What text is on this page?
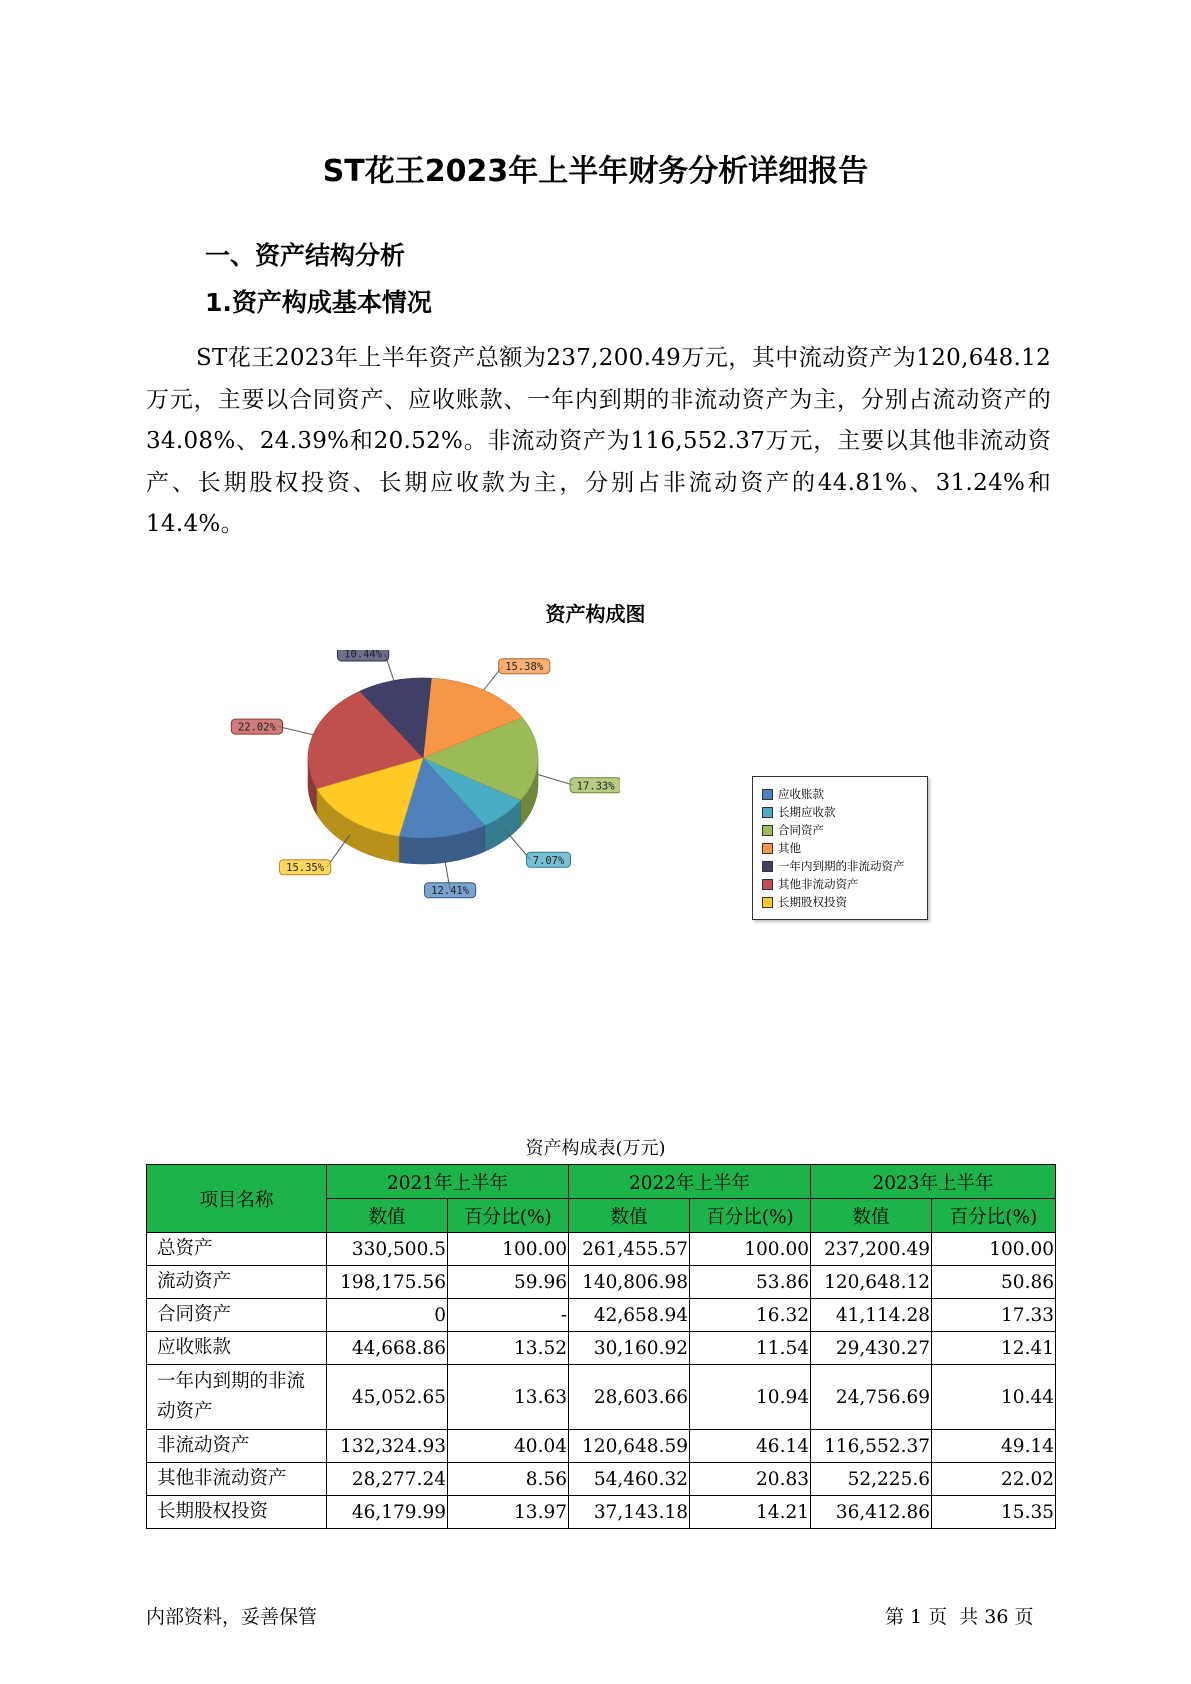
ST花王2023年上半年财务分析详细报告
一、资产结构分析
1.资产构成基本情况
ST花王2023年上半年资产总额为237,200.49万元，其中流动资产为120,648.12万元，主要以合同资产、应收账款、一年内到期的非流动资产为主，分别占流动资产的34.08%、24.39%和20.52%。非流动资产为116,552.37万元，主要以其他非流动资产、长期股权投资、长期应收款为主，分别占非流动资产的44.81%、31.24%和14.4%。
资产构成图
12.41%
7.07%
17.33%
15.38%
10.44%
22.02%
15.35%
应收账款
长期应收款
合同资产
其他
一年内到期的非流动资产
其他非流动资产
长期股权投资
资产构成表(万元)
项目名称	2021年上半年		2022年上半年		2023年上半年	
	数值	百分比(%)	数值	百分比(%)	数值	百分比(%)
总资产	330,500.5	100.00	261,455.57	100.00	237,200.49	100.00
流动资产	198,175.56	59.96	140,806.98	53.86	120,648.12	50.86
合同资产	0	-	42,658.94	16.32	41,114.28	17.33
应收账款	44,668.86	13.52	30,160.92	11.54	29,430.27	12.41
一年内到期的非流动资产	45,052.65	13.63	28,603.66	10.94	24,756.69	10.44
非流动资产	132,324.93	40.04	120,648.59	46.14	116,552.37	49.14
其他非流动资产	28,277.24	8.56	54,460.32	20.83	52,225.6	22.02
长期股权投资	46,179.99	13.97	37,143.18	14.21	36,412.86	15.35
内部资料，妥善保管	第 1 页  共 36 页
